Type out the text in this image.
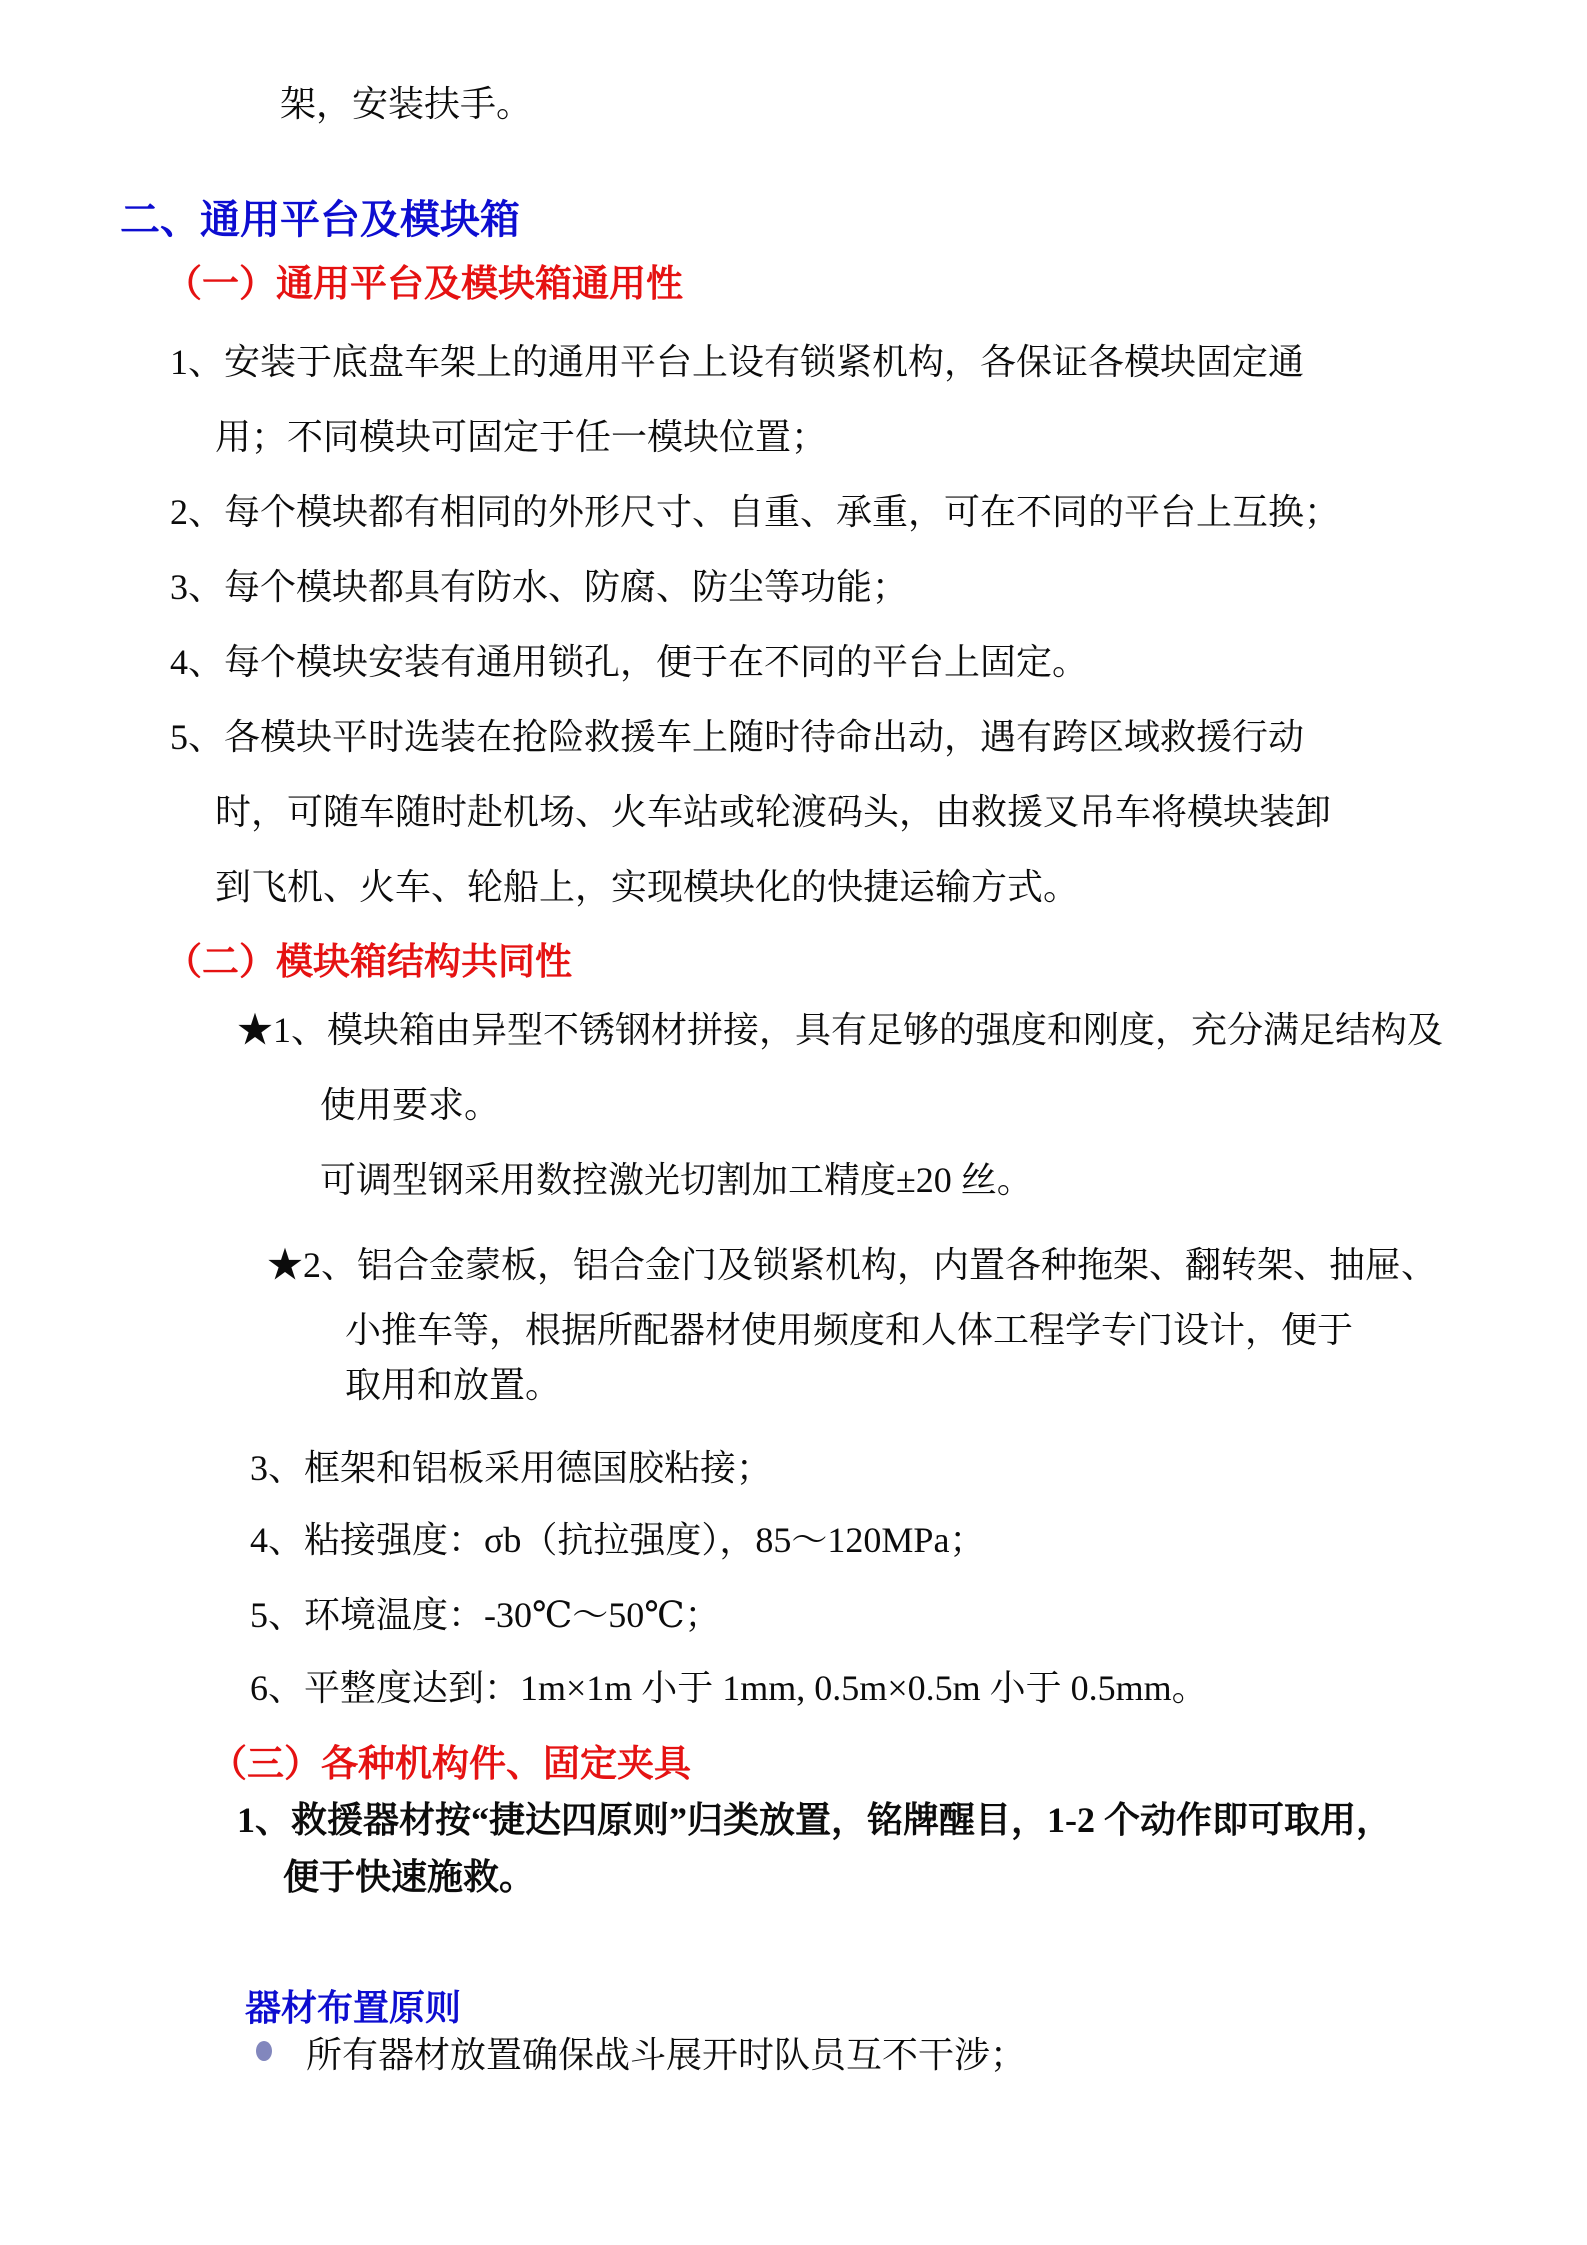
架，安装扶手。
二、通用平台及模块箱
（一）通用平台及模块箱通用性
1、安装于底盘车架上的通用平台上设有锁紧机构，各保证各模块固定通
用；不同模块可固定于任一模块位置；
2、每个模块都有相同的外形尺寸、自重、承重，可在不同的平台上互换；
3、每个模块都具有防水、防腐、防尘等功能；
4、每个模块安装有通用锁孔，便于在不同的平台上固定。
5、各模块平时选装在抢险救援车上随时待命出动，遇有跨区域救援行动
时，可随车随时赴机场、火车站或轮渡码头，由救援叉吊车将模块装卸
到飞机、火车、轮船上，实现模块化的快捷运输方式。
（二）模块箱结构共同性
★1、模块箱由异型不锈钢材拼接，具有足够的强度和刚度，充分满足结构及
使用要求。
可调型钢采用数控激光切割加工精度±20 丝。
★2、铝合金蒙板，铝合金门及锁紧机构，内置各种拖架、翻转架、抽屉、
小推车等，根据所配器材使用频度和人体工程学专门设计，便于
取用和放置。
3、框架和铝板采用德国胶粘接；
4、粘接强度：σb（抗拉强度），85～120MPa；
5、环境温度：-30℃～50℃；
6、平整度达到：1m×1m 小于 1mm, 0.5m×0.5m 小于 0.5mm。
（三）各种机构件、固定夹具
1、救援器材按“捷达四原则”归类放置，铭牌醒目，1-2 个动作即可取用，
便于快速施救。
器材布置原则
所有器材放置确保战斗展开时队员互不干涉；
